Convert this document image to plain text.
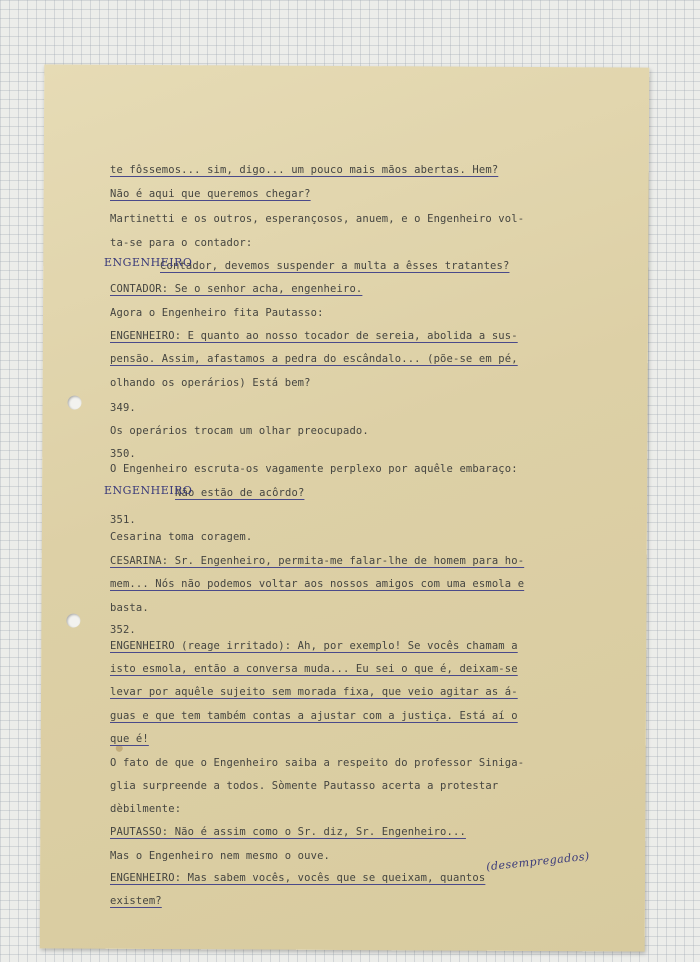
te fôssemos... sim, digo... um pouco mais mãos abertas. Hem?
Não é aqui que queremos chegar?
Martinetti e os outros, esperançosos, anuem, e o Engenheiro vol-
ta-se para o contador:
Contador, devemos suspender a multa a êsses tratantes?
CONTADOR: Se o senhor acha, engenheiro.
Agora o Engenheiro fita Pautasso:
ENGENHEIRO: E quanto ao nosso tocador de sereia, abolida a sus-
pensão. Assim, afastamos a pedra do escândalo... (põe-se em pé,
olhando os operários) Está bem?
349.
Os operários trocam um olhar preocupado.
350.
O Engenheiro escruta-os vagamente perplexo por aquêle embaraço:
Não estão de acôrdo?
351.
Cesarina toma coragem.
CESARINA: Sr. Engenheiro, permita-me falar-lhe de homem para ho-
mem... Nós não podemos voltar aos nossos amigos com uma esmola e
basta.
352.
ENGENHEIRO (reage irritado): Ah, por exemplo! Se vocês chamam a
isto esmola, então a conversa muda... Eu sei o que é, deixam-se
levar por aquêle sujeito sem morada fixa, que veio agitar as á-
guas e que tem também contas a ajustar com a justiça. Está aí o
que é!
O fato de que o Engenheiro saiba a respeito do professor Siniga-
glia surpreende a todos. Sòmente Pautasso acerta a protestar
dèbilmente:
PAUTASSO: Não é assim como o Sr. diz, Sr. Engenheiro...
Mas o Engenheiro nem mesmo o ouve.
ENGENHEIRO: Mas sabem vocês, vocês que se queixam, quantos
existem?
ENGENHEIRO
ENGENHEIRO
(desempregados)
